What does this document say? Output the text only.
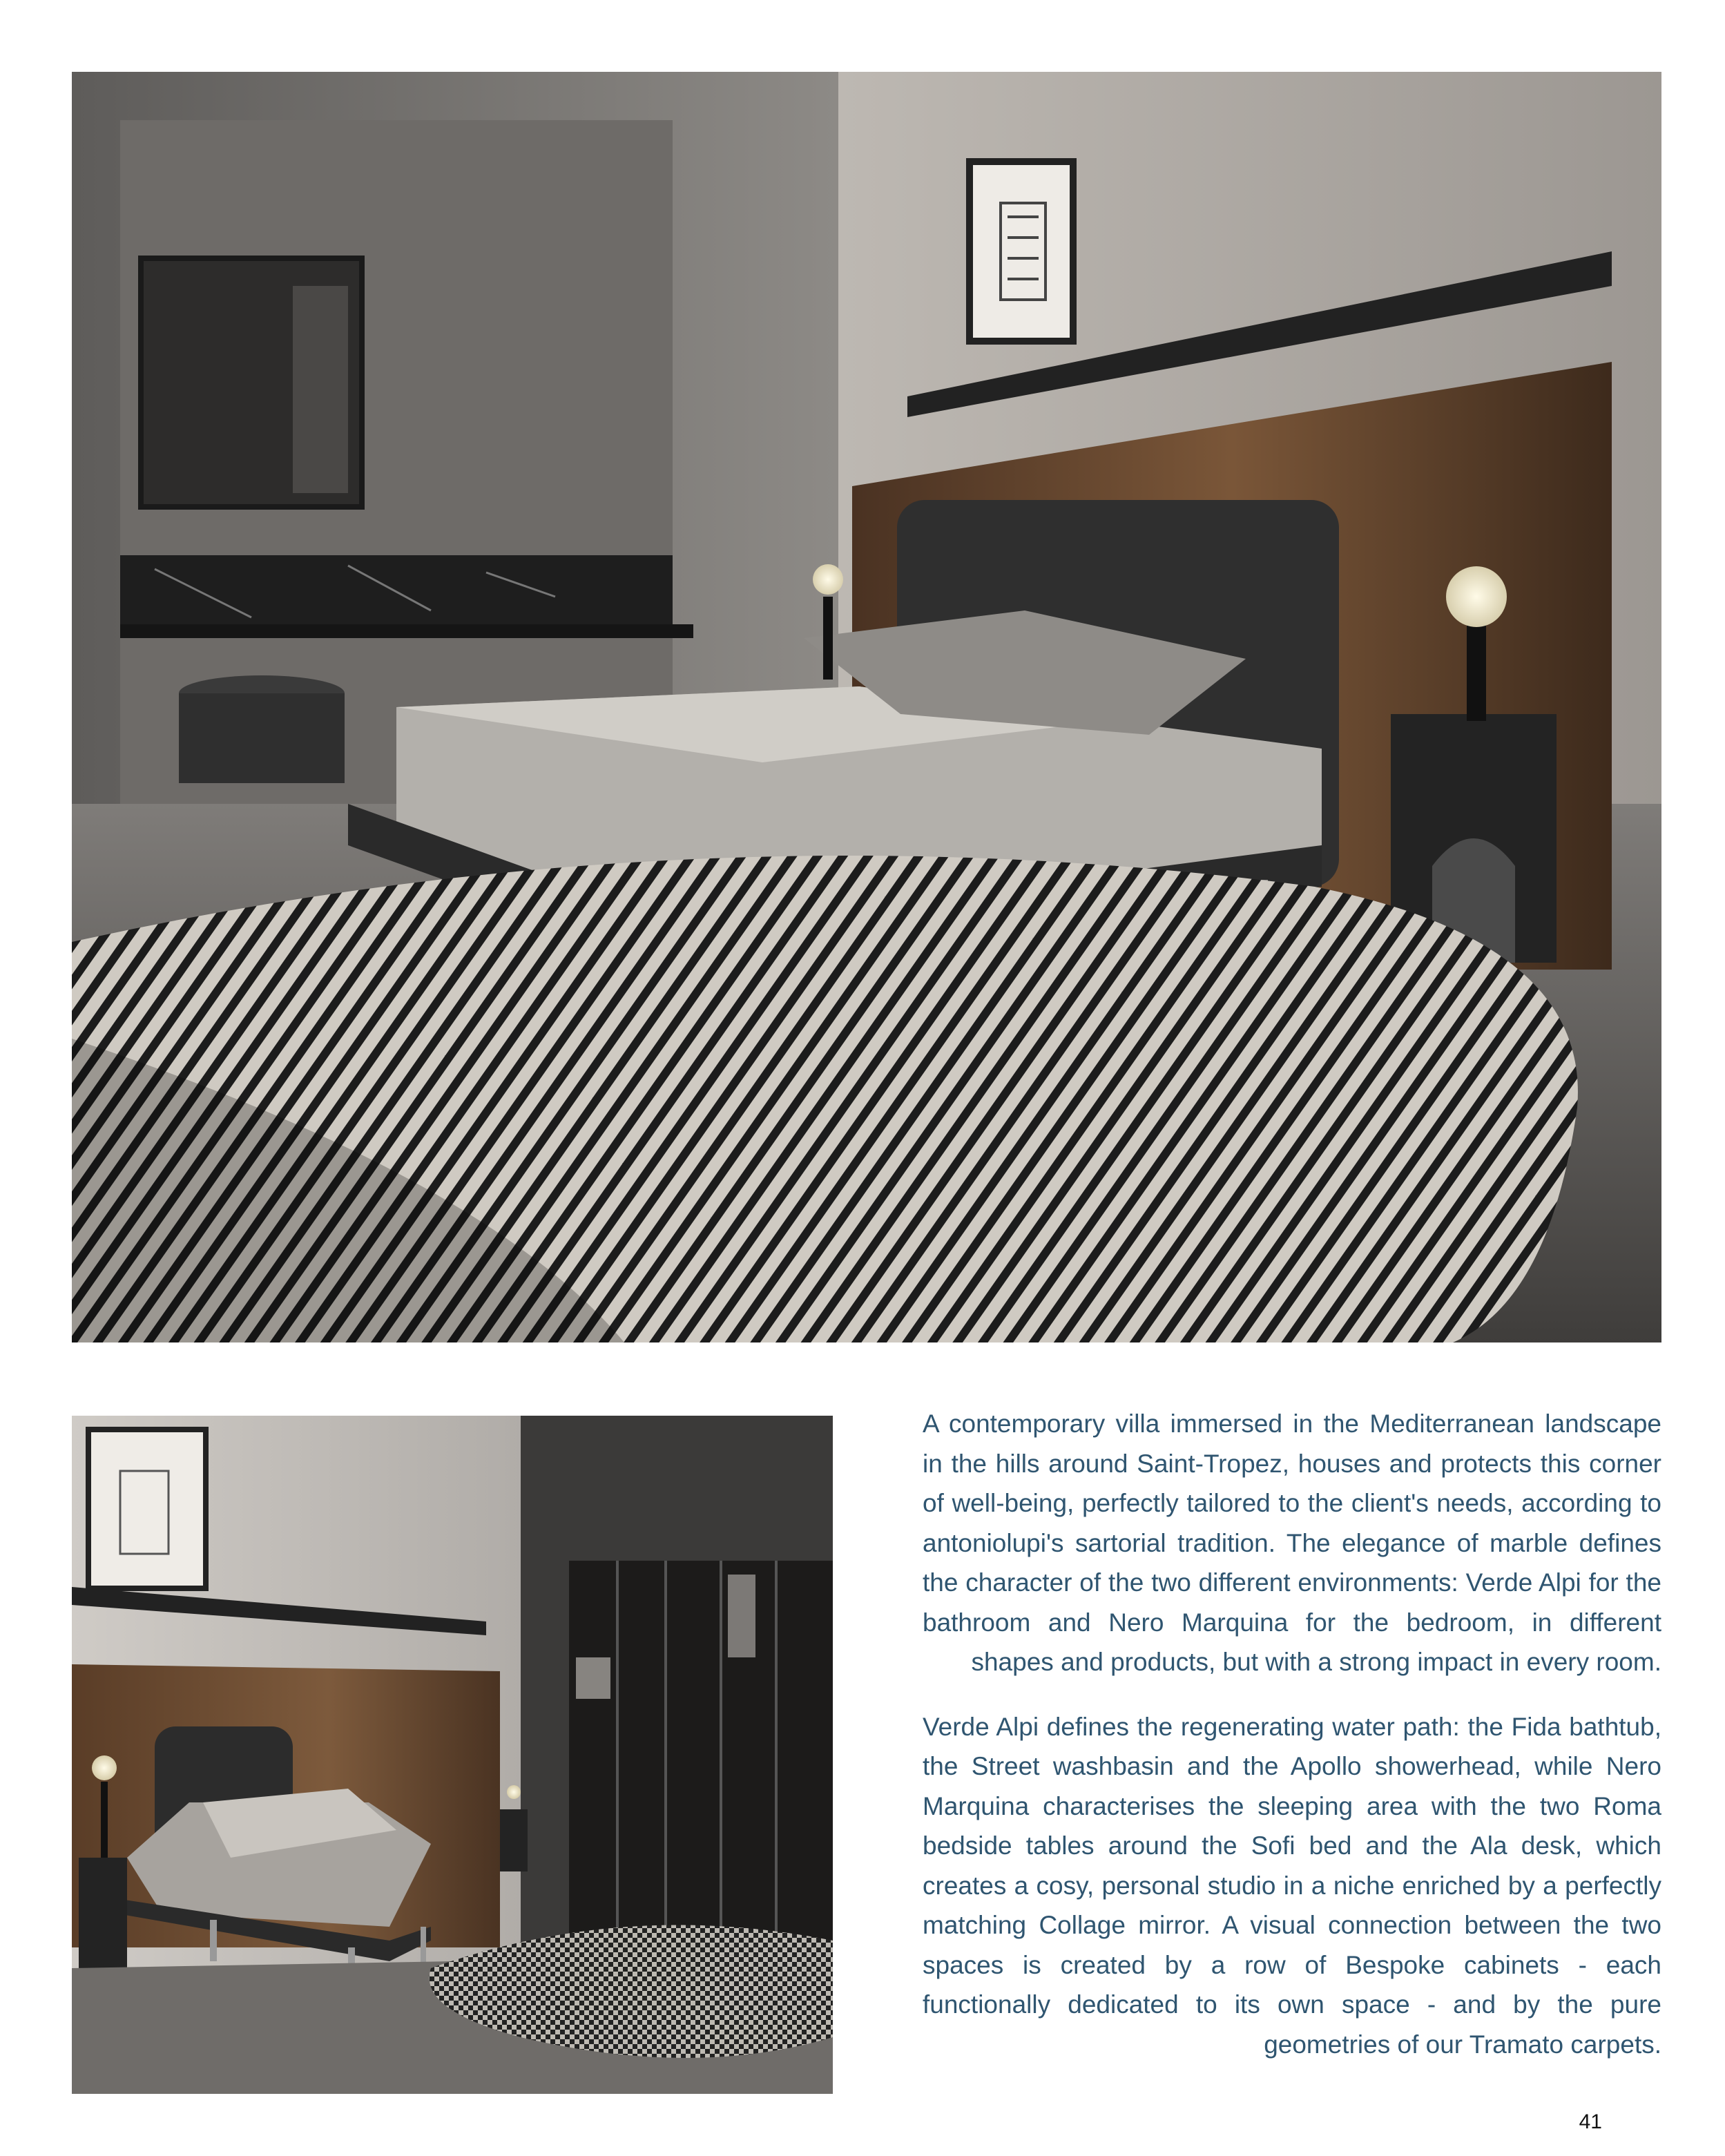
A contemporary villa immersed in the Mediterranean landscape in the hills around Saint-Tropez, houses and protects this corner of well-being, perfectly tailored to the client's needs, according to antoniolupi's sartorial tradition. The elegance of marble defines the character of the two different environments: Verde Alpi for the bathroom and Nero Marquina for the bedroom, in different shapes and products, but with a strong impact in every room.

Verde Alpi defines the regenerating water path: the Fida bathtub, the Street washbasin and the Apollo showerhead, while Nero Marquina characterises the sleeping area with the two Roma bedside tables around the Sofi bed and the Ala desk, which creates a cosy, personal studio in a niche enriched by a perfectly matching Collage mirror. A visual connection between the two spaces is created by a row of Bespoke cabinets - each functionally dedicated to its own space - and by the pure geometries of our Tramato carpets.

41
